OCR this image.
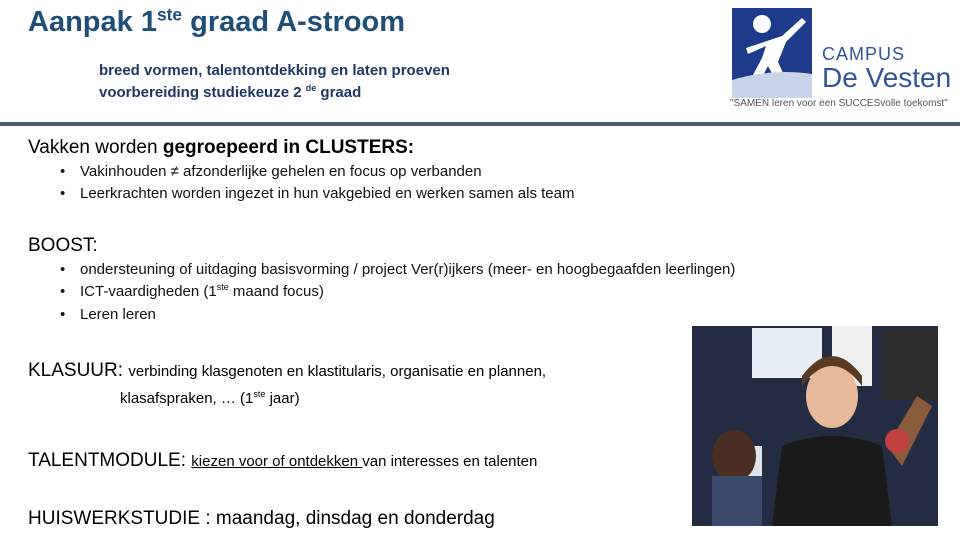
Aanpak 1ste graad A-stroom
breed vormen, talentontdekking en laten proeven
voorbereiding studiekeuze 2 $^{de}$ graad
CAMPUS
De Vesten
"SAMEN leren voor een SUCCESvolle toekomst"
Vakken worden gegroepeerd in CLUSTERS:
• Vakinhouden ≠ afzonderlijke gehelen en focus op verbanden
• Leerkrachten worden ingezet in hun vakgebied en werken samen als team
BOOST:
• ondersteuning of uitdaging basisvorming / project Ver(r)ijkers (meer- en hoogbegaafden leerlingen)
• ICT-vaardigheden (1ste maand focus)
• Leren leren
KLASUUR: verbinding klasgenoten en klastitularis, organisatie en plannen,
klasafspraken, … (1ste jaar)
TALENTMODULE: kiezen voor of ontdekken van interesses en talenten
HUISWERKSTUDIE : maandag, dinsdag en donderdag
